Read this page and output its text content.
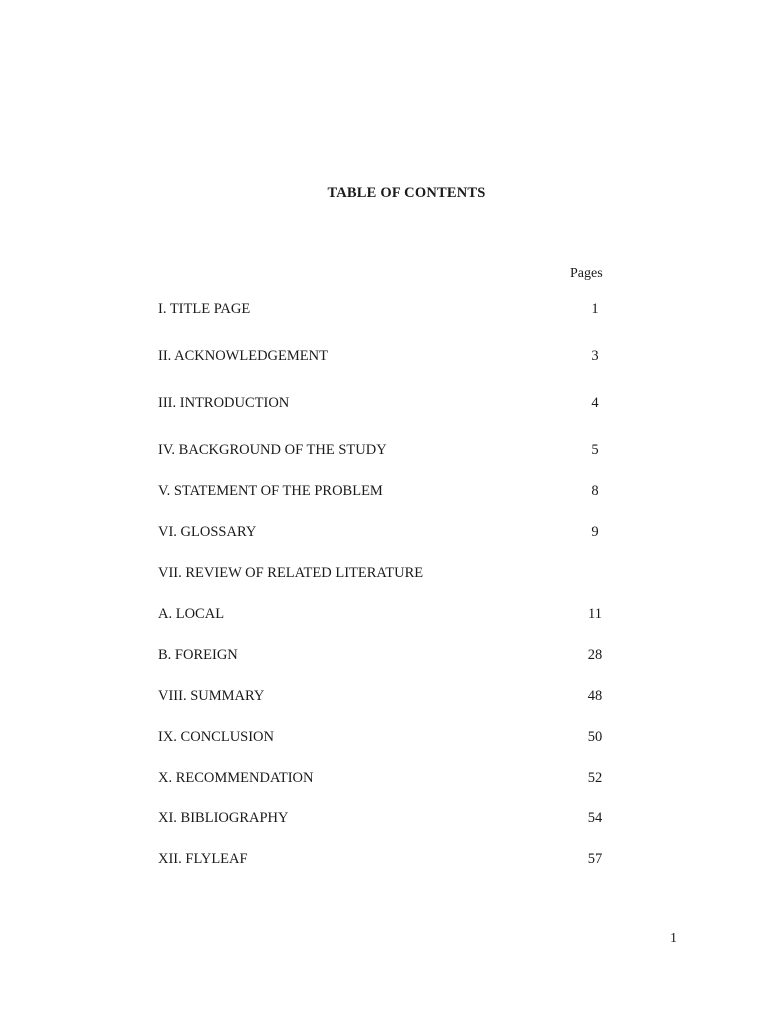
TABLE OF CONTENTS
Pages
I. TITLE PAGE	1
II. ACKNOWLEDGEMENT	3
III. INTRODUCTION	4
IV. BACKGROUND OF THE STUDY	5
V. STATEMENT OF THE PROBLEM	8
VI. GLOSSARY	9
VII. REVIEW OF RELATED LITERATURE
A. LOCAL	11
B. FOREIGN	28
VIII. SUMMARY	48
IX. CONCLUSION	50
X. RECOMMENDATION	52
XI. BIBLIOGRAPHY	54
XII. FLYLEAF	57
1
